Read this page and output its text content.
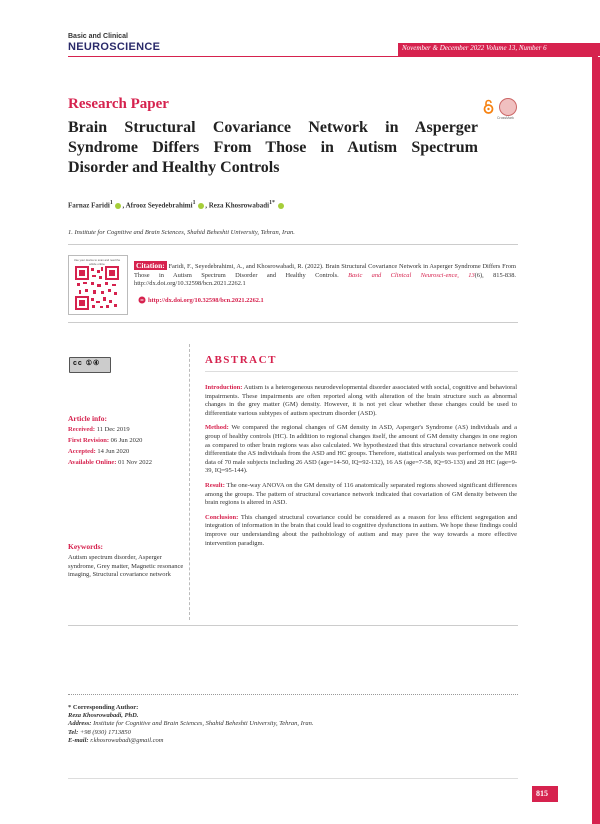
Basic and Clinical
NEUROSCIENCE	November & December 2022 Volume 13, Number 6
Research Paper
Brain Structural Covariance Network in Asperger Syndrome Differs From Those in Autism Spectrum Disorder and Healthy Controls
CrossMark
Farnaz Faridi$^1$ , Afrooz Seyedebrahimi$^1$ , Reza Khosrowabadi$^{1*}$
1. Institute for Cognitive and Brain Sciences, Shahid Beheshti University, Tehran, Iran.
Use your device to scan and read the article online	Citation: Faridi, F., Seyedebrahimi, A., and Khosrowabadi, R. (2022). Brain Structural Covariance Network in Asperger Syndrome Differs From Those in Autism Spectrum Disorder and Healthy Controls. Basic and Clinical Neurosci-ence, 13(6), 815-838. http://dx.doi.org/10.32598/bcn.2021.2262.1
http://dx.doi.org/10.32598/bcn.2021.2262.1
cc ①④	ABSTRACT

Introduction: Autism is a heterogeneous neurodevelopmental disorder associated with social, cognitive and behavioral impairments. These impairments are often reported along with alteration of the brain structure such as abnormal changes in the grey matter (GM) density. However, it is not yet clear whether these changes could be used to differentiate various subtypes of autism spectrum disorder (ASD).

Method: We compared the regional changes of GM density in ASD, Asperger's Syndrome (AS) individuals and a group of healthy controls (HC). In addition to regional changes itself, the amount of GM density changes in one region as compared to other brain regions was also calculated. We hypothesized that this structural covariance network could differentiate the AS individuals from the ASD and HC groups. Therefore, statistical analysis was performed on the MRI data of 70 male subjects including 26 ASD (age=14-50, IQ=92-132), 16 AS (age=7-58, IQ=93-133) and 28 HC (age=9-39, IQ=95-144).

Result: The one-way ANOVA on the GM density of 116 anatomically separated regions showed significant differences among the groups. The pattern of structural covariance network indicated that covariation of GM density between the brain regions is altered in ASD.

Conclusion: This changed structural covariance could be considered as a reason for less efficient segregation and integration of information in the brain that could lead to cognitive dysfunctions in autism. We hope these findings could improve our understanding about the pathobiology of autism and may pave the way towards a more effective intervention paradigm.

Article info:
Received: 11 Dec 2019
First Revision: 06 Jun 2020
Accepted: 14 Jun 2020
Available Online: 01 Nov 2022
Keywords:
Autism spectrum disorder, Asperger syndrome, Grey matter, Magnetic resonance imaging, Structural covariance network
* Corresponding Author:
Reza Khosrowabadi, PhD.
Address: Institute for Cognitive and Brain Sciences, Shahid Beheshti University, Tehran, Iran.
Tel: +98 (930) 1713850
E-mail: r.khosrowabadi@gmail.com
815
